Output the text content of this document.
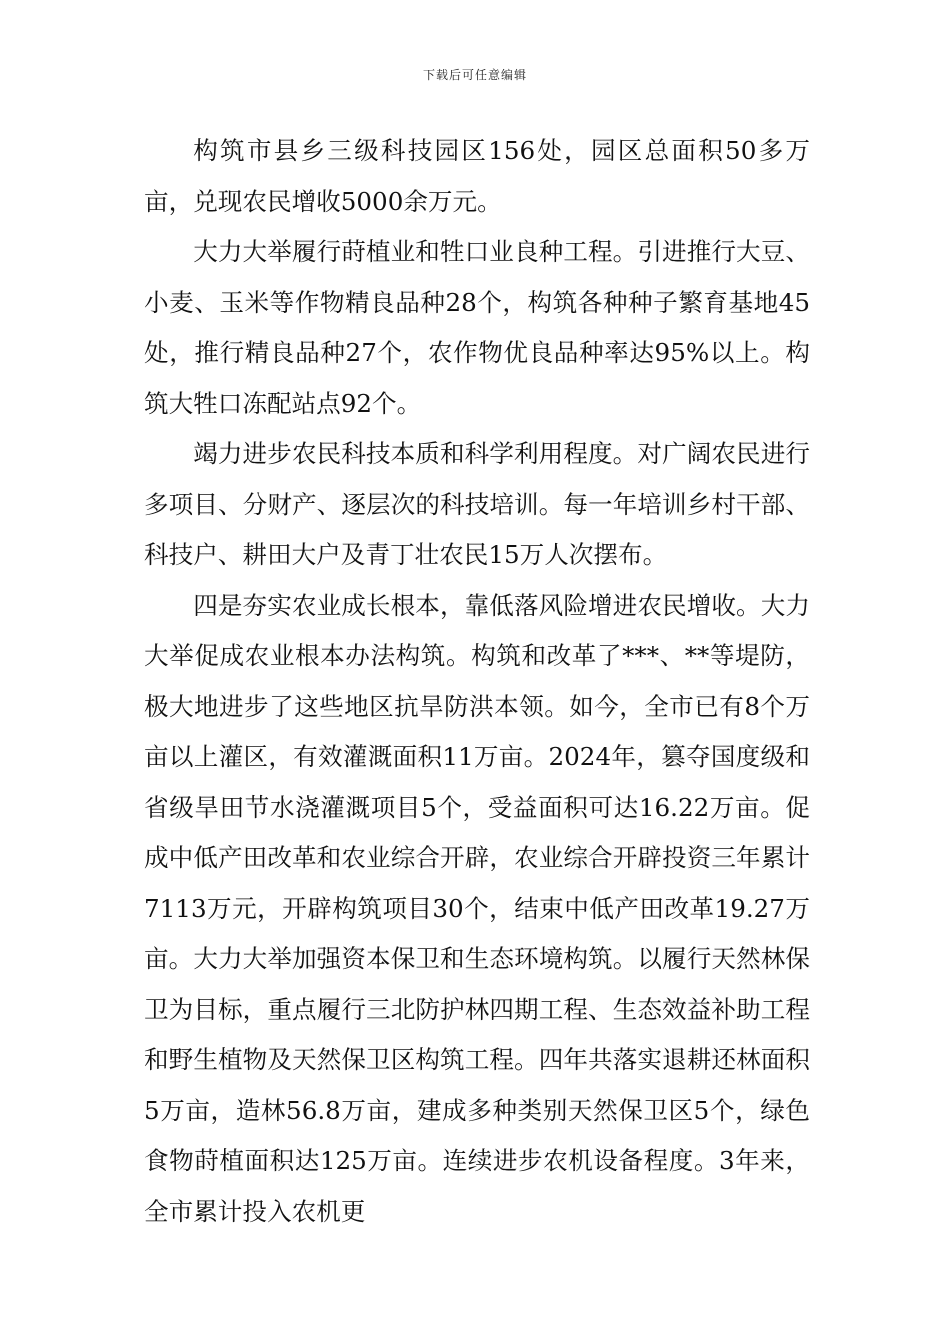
下载后可任意编辑

构筑市县乡三级科技园区156处，园区总面积50多万亩，兑现农民增收5000余万元。

大力大举履行莳植业和牲口业良种工程。引进推行大豆、小麦、玉米等作物精良品种28个，构筑各种种子繁育基地45处，推行精良品种27个，农作物优良品种率达95%以上。构筑大牲口冻配站点92个。

竭力进步农民科技本质和科学利用程度。对广阔农民进行多项目、分财产、逐层次的科技培训。每一年培训乡村干部、科技户、耕田大户及青丁壮农民15万人次摆布。

四是夯实农业成长根本，靠低落风险增进农民增收。大力大举促成农业根本办法构筑。构筑和改革了***、**等堤防，极大地进步了这些地区抗旱防洪本领。如今，全市已有8个万亩以上灌区，有效灌溉面积11万亩。2024年，篡夺国度级和省级旱田节水浇灌溉项目5个，受益面积可达16.22万亩。促成中低产田改革和农业综合开辟，农业综合开辟投资三年累计7113万元，开辟构筑项目30个，结束中低产田改革19.27万亩。大力大举加强资本保卫和生态环境构筑。以履行天然林保卫为目标，重点履行三北防护林四期工程、生态效益补助工程和野生植物及天然保卫区构筑工程。四年共落实退耕还林面积5万亩，造林56.8万亩，建成多种类别天然保卫区5个，绿色食物莳植面积达125万亩。连续进步农机设备程度。3年来，全市累计投入农机更
